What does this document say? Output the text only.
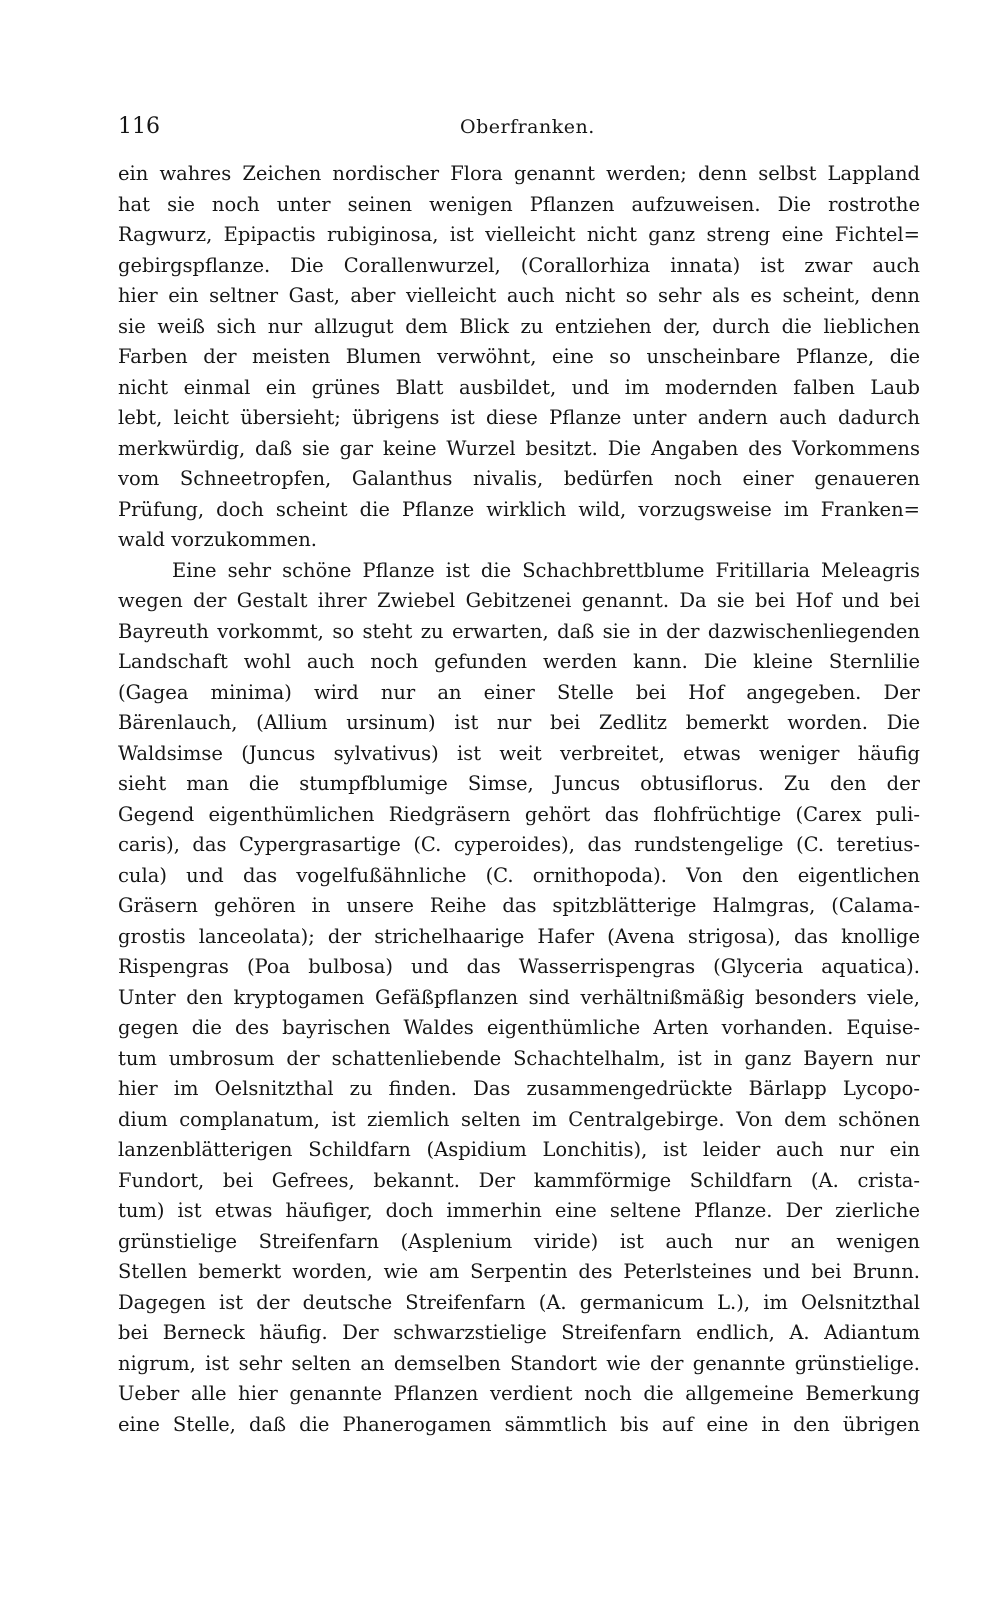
116	Oberfranken.
ein wahres Zeichen nordischer Flora genannt werden; denn selbst Lappland
hat sie noch unter seinen wenigen Pflanzen aufzuweisen. Die rostrothe
Ragwurz, Epipactis rubiginosa, ist vielleicht nicht ganz streng eine Fichtel=
gebirgspflanze. Die Corallenwurzel, (Corallorhiza innata) ist zwar auch
hier ein seltner Gast, aber vielleicht auch nicht so sehr als es scheint, denn
sie weiß sich nur allzugut dem Blick zu entziehen der, durch die lieblichen
Farben der meisten Blumen verwöhnt, eine so unscheinbare Pflanze, die
nicht einmal ein grünes Blatt ausbildet, und im modernden falben Laub
lebt, leicht übersieht; übrigens ist diese Pflanze unter andern auch dadurch
merkwürdig, daß sie gar keine Wurzel besitzt. Die Angaben des Vorkommens
vom Schneetropfen, Galanthus nivalis, bedürfen noch einer genaueren
Prüfung, doch scheint die Pflanze wirklich wild, vorzugsweise im Franken=
wald vorzukommen.
Eine sehr schöne Pflanze ist die Schachbrettblume Fritillaria Meleagris
wegen der Gestalt ihrer Zwiebel Gebitzenei genannt. Da sie bei Hof und bei
Bayreuth vorkommt, so steht zu erwarten, daß sie in der dazwischenliegenden
Landschaft wohl auch noch gefunden werden kann. Die kleine Sternlilie
(Gagea minima) wird nur an einer Stelle bei Hof angegeben. Der
Bärenlauch, (Allium ursinum) ist nur bei Zedlitz bemerkt worden. Die
Waldsimse (Juncus sylvativus) ist weit verbreitet, etwas weniger häufig
sieht man die stumpfblumige Simse, Juncus obtusiflorus. Zu den der
Gegend eigenthümlichen Riedgräsern gehört das flohfrüchtige (Carex puli-
caris), das Cypergrasartige (C. cyperoides), das rundstengelige (C. teretius-
cula) und das vogelfußähnliche (C. ornithopoda). Von den eigentlichen
Gräsern gehören in unsere Reihe das spitzblätterige Halmgras, (Calama-
grostis lanceolata); der strichelhaarige Hafer (Avena strigosa), das knollige
Rispengras (Poa bulbosa) und das Wasserrispengras (Glyceria aquatica).
Unter den kryptogamen Gefäßpflanzen sind verhältnißmäßig besonders viele,
gegen die des bayrischen Waldes eigenthümliche Arten vorhanden. Equise-
tum umbrosum der schattenliebende Schachtelhalm, ist in ganz Bayern nur
hier im Oelsnitzthal zu finden. Das zusammengedrückte Bärlapp Lycopo-
dium complanatum, ist ziemlich selten im Centralgebirge. Von dem schönen
lanzenblätterigen Schildfarn (Aspidium Lonchitis), ist leider auch nur ein
Fundort, bei Gefrees, bekannt. Der kammförmige Schildfarn (A. crista-
tum) ist etwas häufiger, doch immerhin eine seltene Pflanze. Der zierliche
grünstielige Streifenfarn (Asplenium viride) ist auch nur an wenigen
Stellen bemerkt worden, wie am Serpentin des Peterlsteines und bei Brunn.
Dagegen ist der deutsche Streifenfarn (A. germanicum L.), im Oelsnitzthal
bei Berneck häufig. Der schwarzstielige Streifenfarn endlich, A. Adiantum
nigrum, ist sehr selten an demselben Standort wie der genannte grünstielige.
Ueber alle hier genannte Pflanzen verdient noch die allgemeine Bemerkung
eine Stelle, daß die Phanerogamen sämmtlich bis auf eine in den übrigen
